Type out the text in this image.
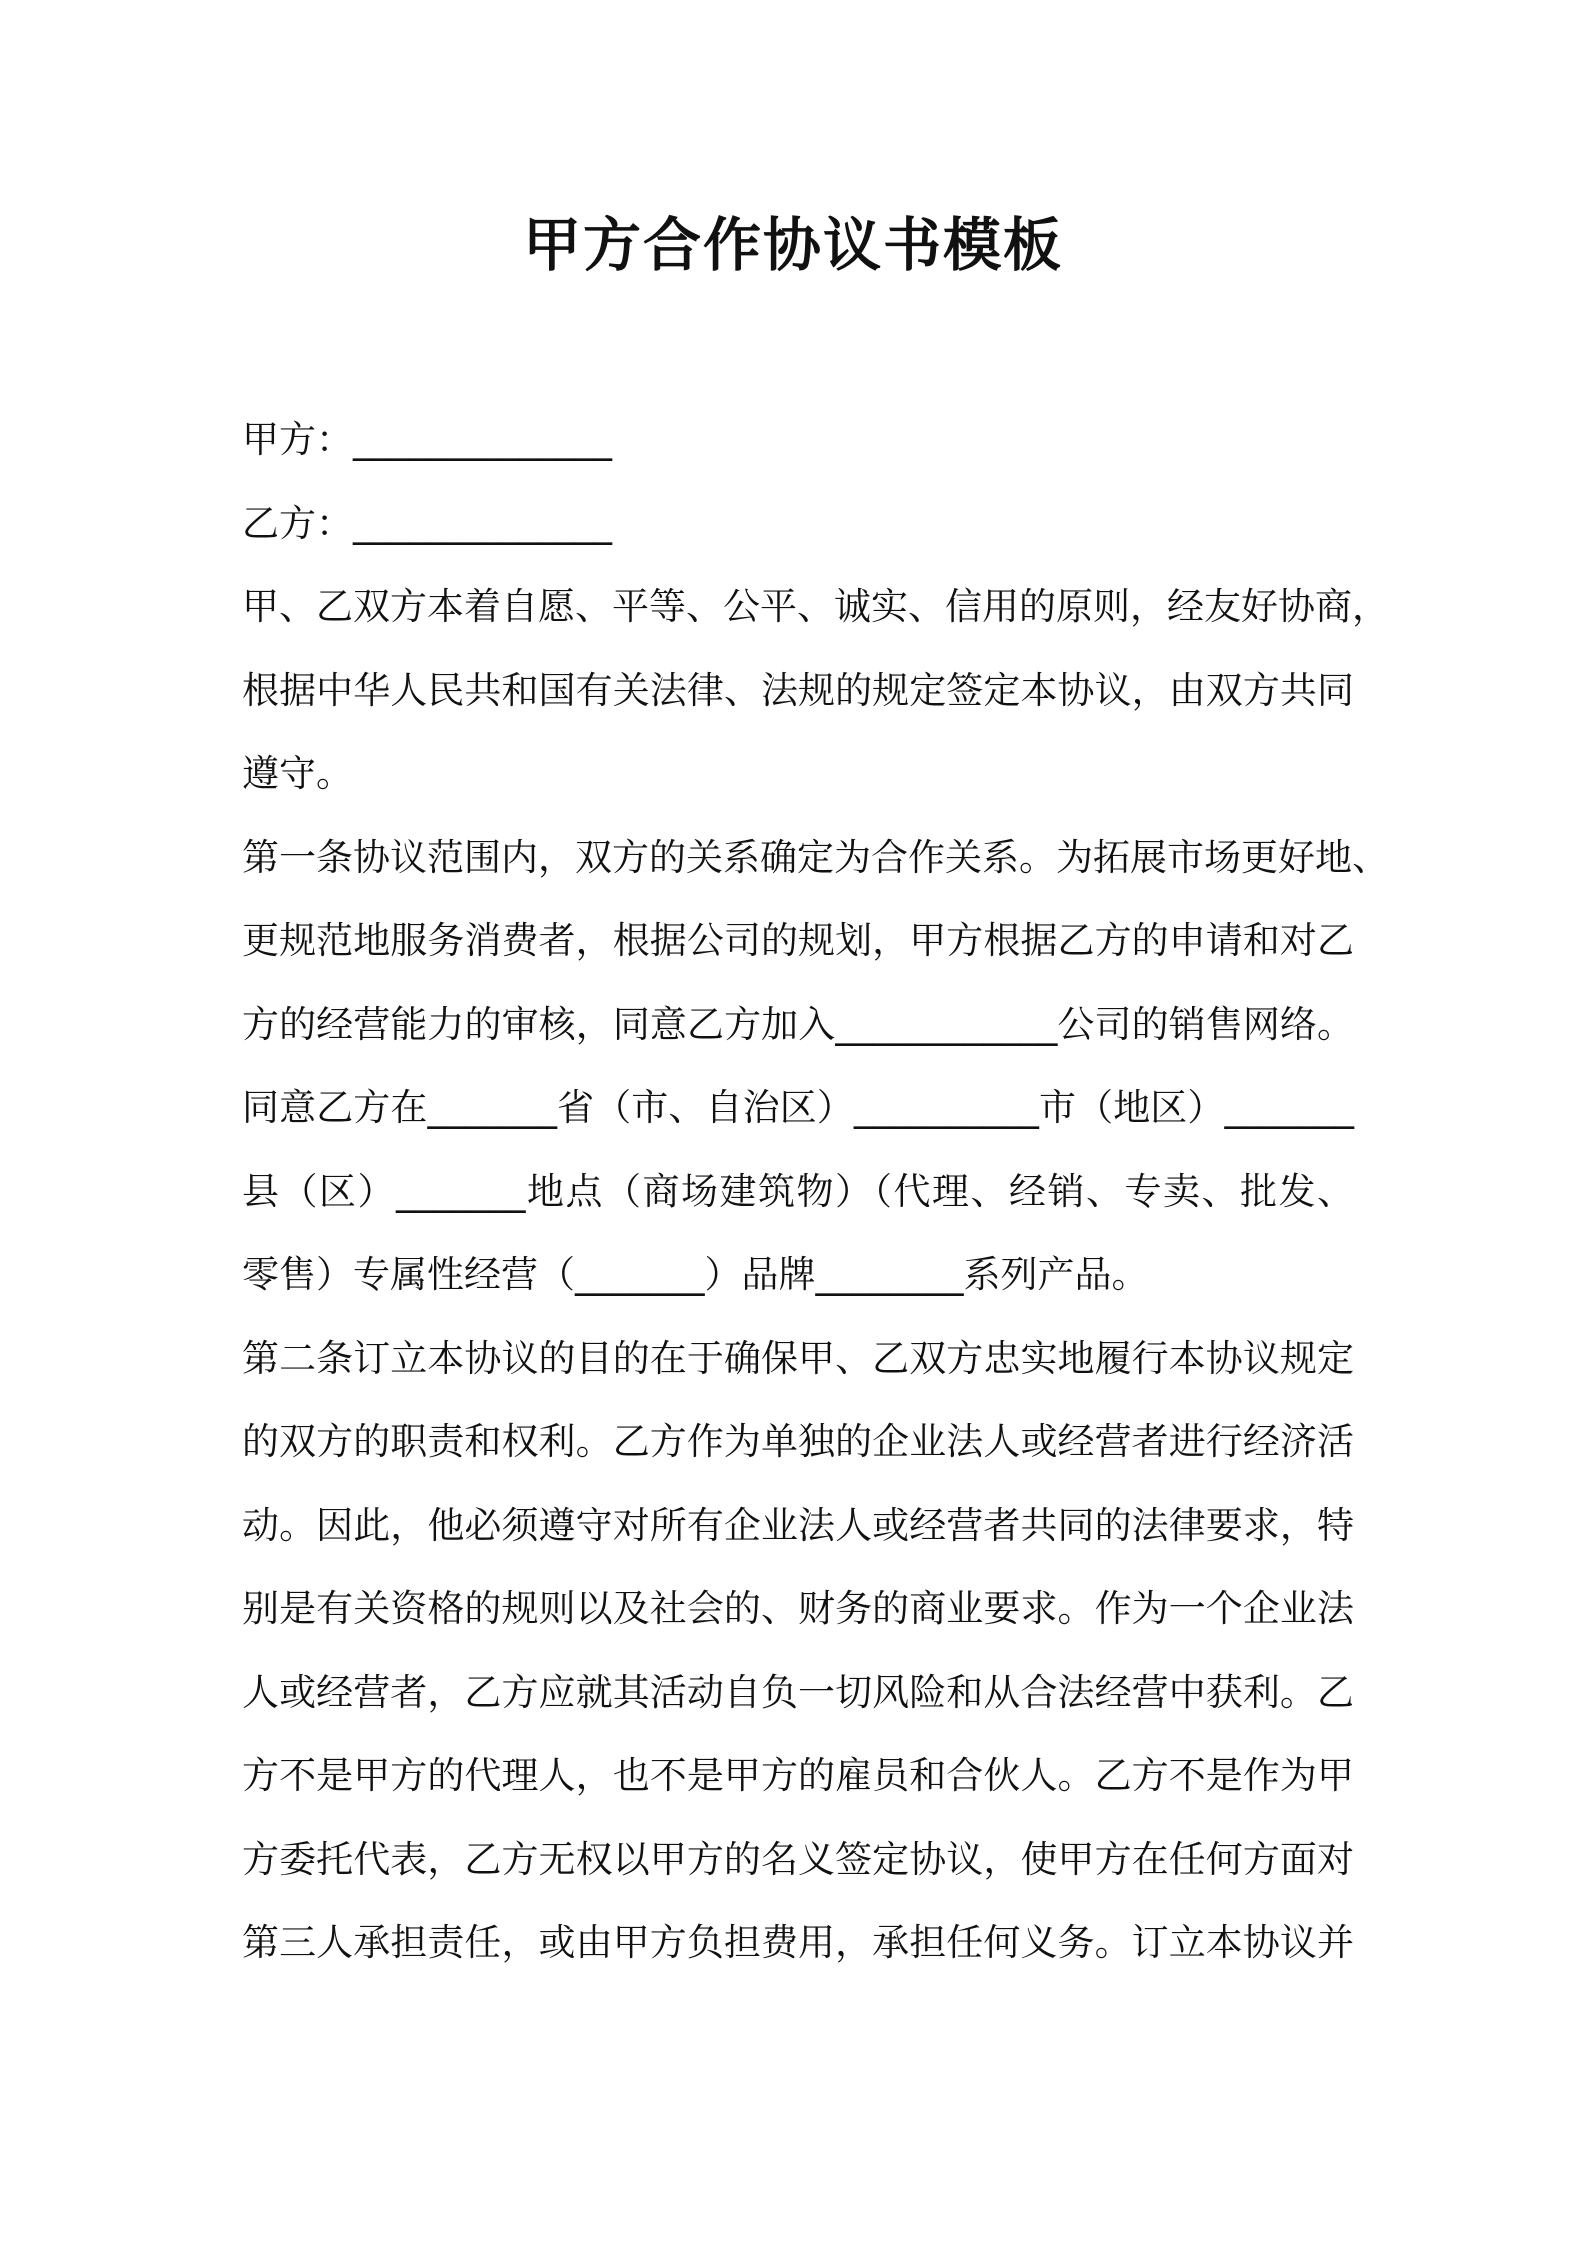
甲方合作协议书模板
甲方：______________
乙方：______________
甲、乙双方本着自愿、平等、公平、诚实、信用的原则，经友好协商，
根据中华人民共和国有关法律、法规的规定签定本协议，由双方共同
遵守。
第一条协议范围内，双方的关系确定为合作关系。为拓展市场更好地、
更规范地服务消费者，根据公司的规划，甲方根据乙方的申请和对乙
方的经营能力的审核，同意乙方加入____________公司的销售网络。
同意乙方在_______省（市、自治区）__________市（地区）_______
县（区）_______地点（商场建筑物）（代理、经销、专卖、批发、
零售）专属性经营（_______）品牌________系列产品。
第二条订立本协议的目的在于确保甲、乙双方忠实地履行本协议规定
的双方的职责和权利。乙方作为单独的企业法人或经营者进行经济活
动。因此，他必须遵守对所有企业法人或经营者共同的法律要求，特
别是有关资格的规则以及社会的、财务的商业要求。作为一个企业法
人或经营者，乙方应就其活动自负一切风险和从合法经营中获利。乙
方不是甲方的代理人，也不是甲方的雇员和合伙人。乙方不是作为甲
方委托代表，乙方无权以甲方的名义签定协议，使甲方在任何方面对
第三人承担责任，或由甲方负担费用，承担任何义务。订立本协议并
